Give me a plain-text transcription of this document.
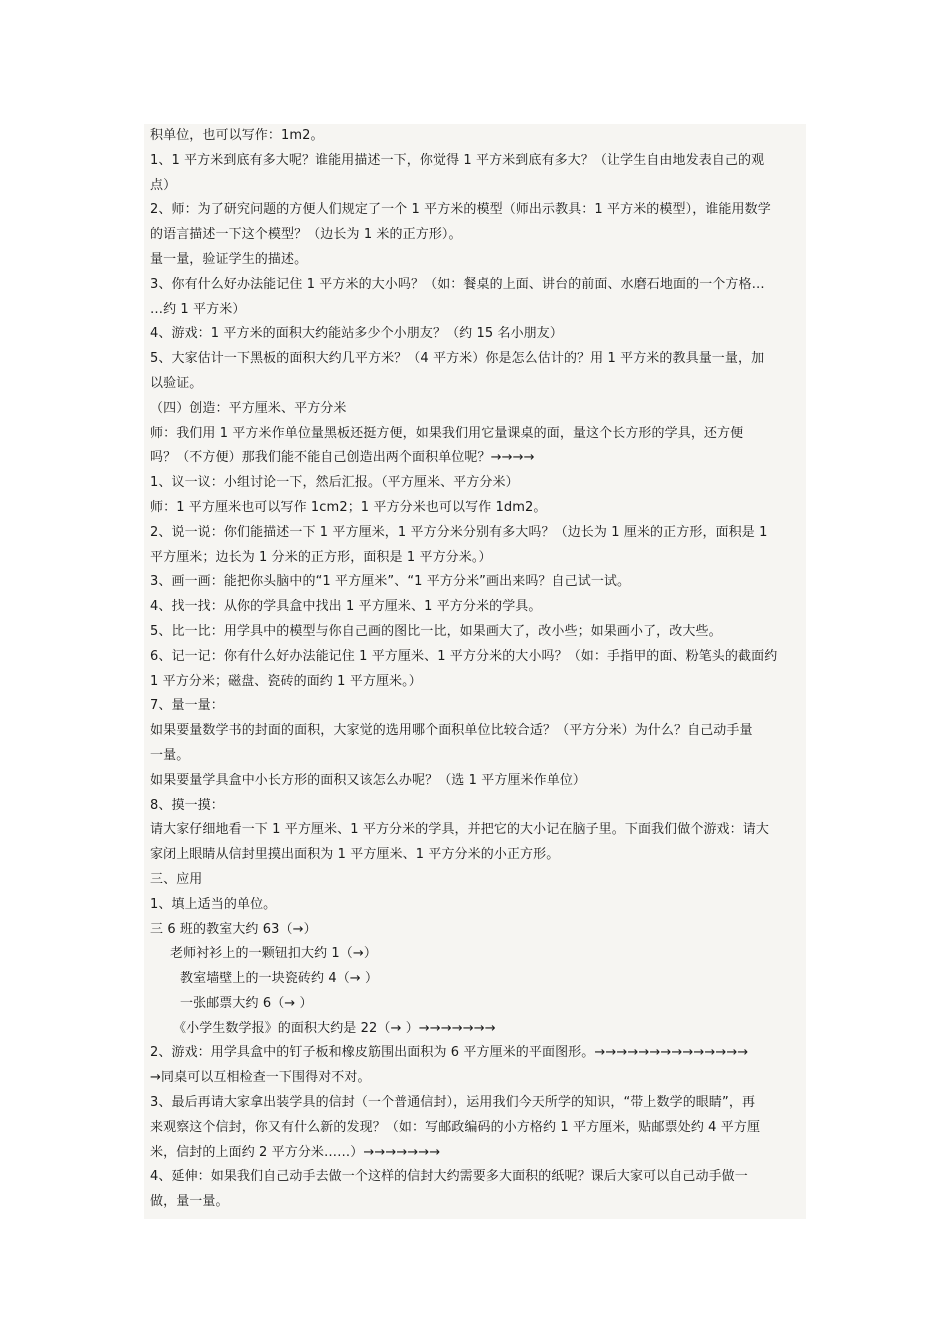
积单位，也可以写作：1m2。
1、1 平方米到底有多大呢？谁能用描述一下，你觉得 1 平方米到底有多大？（让学生自由地发表自己的观
点）
2、师：为了研究问题的方便人们规定了一个 1 平方米的模型（师出示教具：1 平方米的模型），谁能用数学
的语言描述一下这个模型？（边长为 1 米的正方形）。
量一量，验证学生的描述。
3、你有什么好办法能记住 1 平方米的大小吗？（如：餐桌的上面、讲台的前面、水磨石地面的一个方格…
…约 1 平方米）
4、游戏：1 平方米的面积大约能站多少个小朋友？（约 15 名小朋友）
5、大家估计一下黑板的面积大约几平方米？（4 平方米）你是怎么估计的？用 1 平方米的教具量一量，加
以验证。
（四）创造：平方厘米、平方分米
师：我们用 1 平方米作单位量黑板还挺方便，如果我们用它量课桌的面，量这个长方形的学具，还方便
吗？（不方便）那我们能不能自己创造出两个面积单位呢？→→→→
1、议一议：小组讨论一下，然后汇报。（平方厘米、平方分米）
师：1 平方厘米也可以写作 1cm2；1 平方分米也可以写作 1dm2。
2、说一说：你们能描述一下 1 平方厘米，1 平方分米分别有多大吗？（边长为 1 厘米的正方形，面积是 1
平方厘米；边长为 1 分米的正方形，面积是 1 平方分米。）
3、画一画：能把你头脑中的“1 平方厘米”、“1 平方分米”画出来吗？自己试一试。
4、找一找：从你的学具盒中找出 1 平方厘米、1 平方分米的学具。
5、比一比：用学具中的模型与你自己画的图比一比，如果画大了，改小些；如果画小了，改大些。
6、记一记：你有什么好办法能记住 1 平方厘米、1 平方分米的大小吗？（如：手指甲的面、粉笔头的截面约
1 平方分米；磁盘、瓷砖的面约 1 平方厘米。）
7、量一量：
如果要量数学书的封面的面积，大家觉的选用哪个面积单位比较合适？（平方分米）为什么？自己动手量
一量。
如果要量学具盒中小长方形的面积又该怎么办呢？（选 1 平方厘米作单位）
8、摸一摸：
请大家仔细地看一下 1 平方厘米、1 平方分米的学具，并把它的大小记在脑子里。下面我们做个游戏：请大
家闭上眼睛从信封里摸出面积为 1 平方厘米、1 平方分米的小正方形。
三、应用
1、填上适当的单位。
三 6 班的教室大约 63（→）
老师衬衫上的一颗钮扣大约 1（→）
教室墙壁上的一块瓷砖约 4（→ ）
一张邮票大约 6（→ ）
《小学生数学报》的面积大约是 22（→ ）→→→→→→→
2、游戏：用学具盒中的钉子板和橡皮筋围出面积为 6 平方厘米的平面图形。→→→→→→→→→→→→→→
→同桌可以互相检查一下围得对不对。
3、最后再请大家拿出装学具的信封（一个普通信封），运用我们今天所学的知识，“带上数学的眼睛”，再
来观察这个信封，你又有什么新的发现？（如：写邮政编码的小方格约 1 平方厘米，贴邮票处约 4 平方厘
米，信封的上面约 2 平方分米……）→→→→→→→
4、延伸：如果我们自己动手去做一个这样的信封大约需要多大面积的纸呢？课后大家可以自己动手做一
做，量一量。
